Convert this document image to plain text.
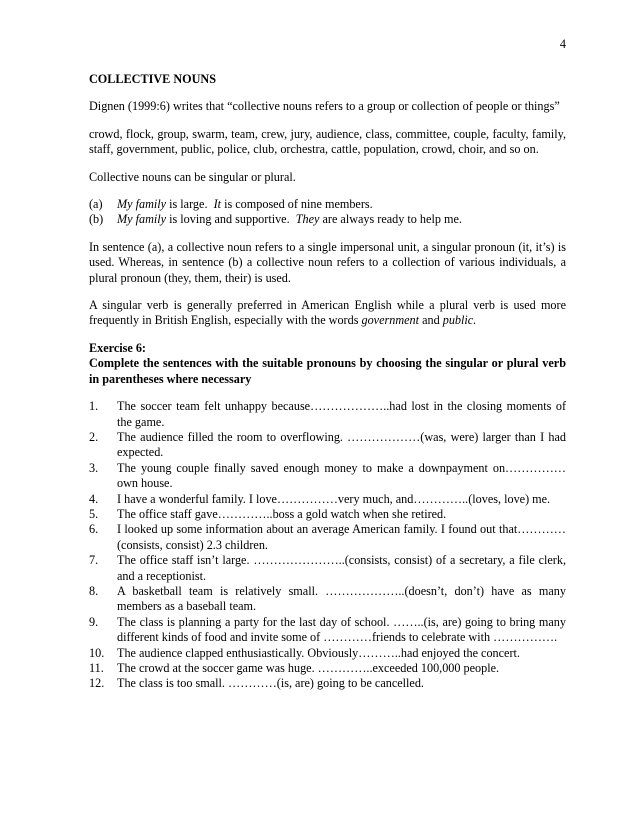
4
COLLECTIVE NOUNS

Dignen (1999:6) writes that “collective nouns refers to a group or collection of people or things”

crowd, flock, group, swarm, team, crew, jury, audience, class, committee, couple, faculty, family, staff, government, public, police, club, orchestra, cattle, population, crowd, choir, and so on.

Collective nouns can be singular or plural.

(a)	My family is large.  It is composed of nine members.
(b)	My family is loving and supportive.  They are always ready to help me.

In sentence (a), a collective noun refers to a single impersonal unit, a singular pronoun (it, it’s) is used. Whereas, in sentence (b) a collective noun refers to a collection of various individuals, a plural pronoun (they, them, their) is used.

A singular verb is generally preferred in American English while a plural verb is used more frequently in British English, especially with the words government and public.

Exercise 6:
Complete the sentences with the suitable pronouns by choosing the singular or plural verb in parentheses where necessary
1.	The soccer team felt unhappy because………………..had lost in the closing moments of the game.
2.	The audience filled the room to overflowing. ………………(was, were) larger than I had expected.
3.	The young couple finally saved enough money to make a downpayment on…………… own house.
4.	I have a wonderful family. I love……………very much, and…………..(loves, love) me.
5.	The office staff gave…………..boss a gold watch when she retired.
6.	I looked up some information about an average American family. I found out that…………(consists, consist) 2.3 children.
7.	The office staff isn’t large. …………………..(consists, consist) of a secretary, a file clerk, and a receptionist.
8.	A basketball team is relatively small. ………………..(doesn’t, don’t) have as many members as a baseball team.
9.	The class is planning a party for the last day of school. ……..(is, are) going to bring many different kinds of food and invite some of …………friends to celebrate with …………….
10.	The audience clapped enthusiastically. Obviously………..had enjoyed the concert.
11.	The crowd at the soccer game was huge. …………..exceeded 100,000 people.
12.	The class is too small. …………(is, are) going to be cancelled.
